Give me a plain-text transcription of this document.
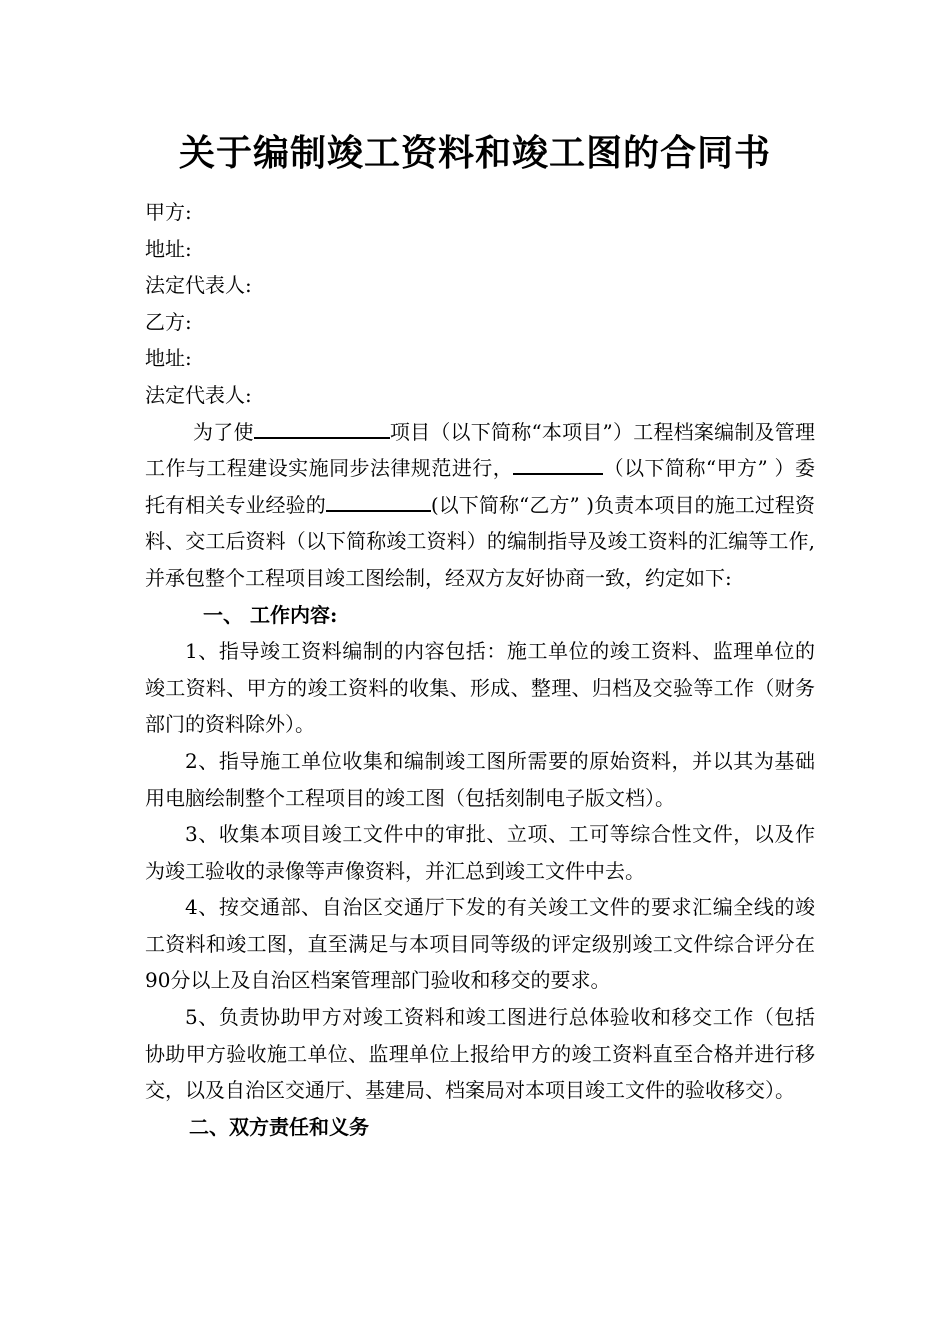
关于编制竣工资料和竣工图的合同书
甲方:
地址:
法定代表人:
乙方:
地址:
法定代表人:
为了使	项目（以下简称“本项目”）工程档案编制及管理工作与工程建设实施同步法律规范进行，	（以下简称“甲方” ）委托有相关专业经验的	(以下简称“乙方” )负责本项目的施工过程资料、交工后资料（以下简称竣工资料）的编制指导及竣工资料的汇编等工作,并承包整个工程项目竣工图绘制，经双方友好协商一致，约定如下:
一、 工作内容:
1、指导竣工资料编制的内容包括：施工单位的竣工资料、监理单位的竣工资料、甲方的竣工资料的收集、形成、整理、归档及交验等工作（财务部门的资料除外）。
2、指导施工单位收集和编制竣工图所需要的原始资料，并以其为基础用电脑绘制整个工程项目的竣工图（包括刻制电子版文档）。
3、收集本项目竣工文件中的审批、立项、工可等综合性文件，以及作为竣工验收的录像等声像资料，并汇总到竣工文件中去。
4、按交通部、自治区交通厅下发的有关竣工文件的要求汇编全线的竣工资料和竣工图，直至满足与本项目同等级的评定级别竣工文件综合评分在90分以上及自治区档案管理部门验收和移交的要求。
5、负责协助甲方对竣工资料和竣工图进行总体验收和移交工作（包括协助甲方验收施工单位、监理单位上报给甲方的竣工资料直至合格并进行移交，以及自治区交通厅、基建局、档案局对本项目竣工文件的验收移交）。
二、双方责任和义务
